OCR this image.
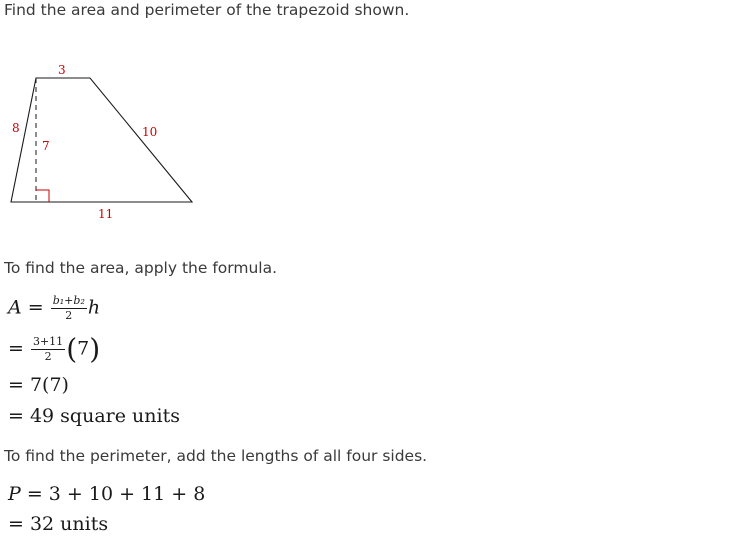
Find the area and perimeter of the trapezoid shown.
3
8
7
10
11
To find the area, apply the formula.
$A = \frac{\text{b₁+b₂}}{2}$ h
= $\frac{3+11}{2} (7)$
= 7(7)
= 49 square units
To find the perimeter, add the lengths of all four sides.
P = 3 + 10 + 11 + 8
= 32 units
